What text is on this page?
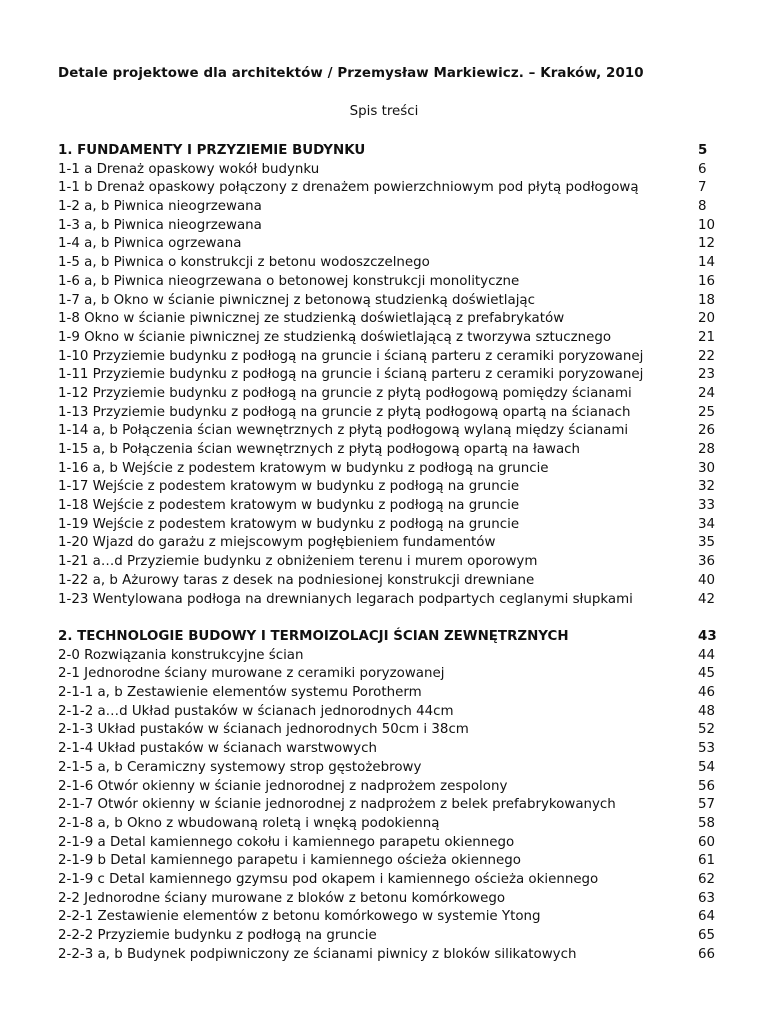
Detale projektowe dla architektów / Przemysław Markiewicz. – Kraków, 2010
Spis treści
1. FUNDAMENTY I PRZYZIEMIE BUDYNKU	5
1-1 a Drenaż opaskowy wokół budynku	6
1-1 b Drenaż opaskowy połączony z drenażem powierzchniowym pod płytą podłogową	7
1-2 a, b Piwnica nieogrzewana	8
1-3 a, b Piwnica nieogrzewana	10
1-4 a, b Piwnica ogrzewana	12
1-5 a, b Piwnica o konstrukcji z betonu wodoszczelnego	14
1-6 a, b Piwnica nieogrzewana o betonowej konstrukcji monolityczne	16
1-7 a, b Okno w ścianie piwnicznej z betonową studzienką doświetlając	18
1-8 Okno w ścianie piwnicznej ze studzienką doświetlającą z prefabrykatów	20
1-9 Okno w ścianie piwnicznej ze studzienką doświetlającą z tworzywa sztucznego	21
1-10 Przyziemie budynku z podłogą na gruncie i ścianą parteru z ceramiki poryzowanej	22
1-11 Przyziemie budynku z podłogą na gruncie i ścianą parteru z ceramiki poryzowanej	23
1-12 Przyziemie budynku z podłogą na gruncie z płytą podłogową pomiędzy ścianami	24
1-13 Przyziemie budynku z podłogą na gruncie z płytą podłogową opartą na ścianach	25
1-14 a, b Połączenia ścian wewnętrznych z płytą podłogową wylaną między ścianami	26
1-15 a, b Połączenia ścian wewnętrznych z płytą podłogową opartą na ławach	28
1-16 a, b Wejście z podestem kratowym w budynku z podłogą na gruncie	30
1-17 Wejście z podestem kratowym w budynku z podłogą na gruncie	32
1-18 Wejście z podestem kratowym w budynku z podłogą na gruncie	33
1-19 Wejście z podestem kratowym w budynku z podłogą na gruncie	34
1-20 Wjazd do garażu z miejscowym pogłębieniem fundamentów	35
1-21 a…d Przyziemie budynku z obniżeniem terenu i murem oporowym	36
1-22 a, b Ażurowy taras z desek na podniesionej konstrukcji drewniane	40
1-23 Wentylowana podłoga na drewnianych legarach podpartych ceglanymi słupkami	42
2. TECHNOLOGIE BUDOWY I TERMOIZOLACJI ŚCIAN ZEWNĘTRZNYCH	43
2-0 Rozwiązania konstrukcyjne ścian	44
2-1 Jednorodne ściany murowane z ceramiki poryzowanej	45
2-1-1 a, b Zestawienie elementów systemu Porotherm	46
2-1-2 a…d Układ pustaków w ścianach jednorodnych 44cm	48
2-1-3 Układ pustaków w ścianach jednorodnych 50cm i 38cm	52
2-1-4 Układ pustaków w ścianach warstwowych	53
2-1-5 a, b Ceramiczny systemowy strop gęstożebrowy	54
2-1-6 Otwór okienny w ścianie jednorodnej z nadprożem zespolony	56
2-1-7 Otwór okienny w ścianie jednorodnej z nadprożem z belek prefabrykowanych	57
2-1-8 a, b Okno z wbudowaną roletą i wnęką podokienną	58
2-1-9 a Detal kamiennego cokołu i kamiennego parapetu okiennego	60
2-1-9 b Detal kamiennego parapetu i kamiennego ościeża okiennego	61
2-1-9 c Detal kamiennego gzymsu pod okapem i kamiennego ościeża okiennego	62
2-2 Jednorodne ściany murowane z bloków z betonu komórkowego	63
2-2-1 Zestawienie elementów z betonu komórkowego w systemie Ytong	64
2-2-2 Przyziemie budynku z podłogą na gruncie	65
2-2-3 a, b Budynek podpiwniczony ze ścianami piwnicy z bloków silikatowych	66
